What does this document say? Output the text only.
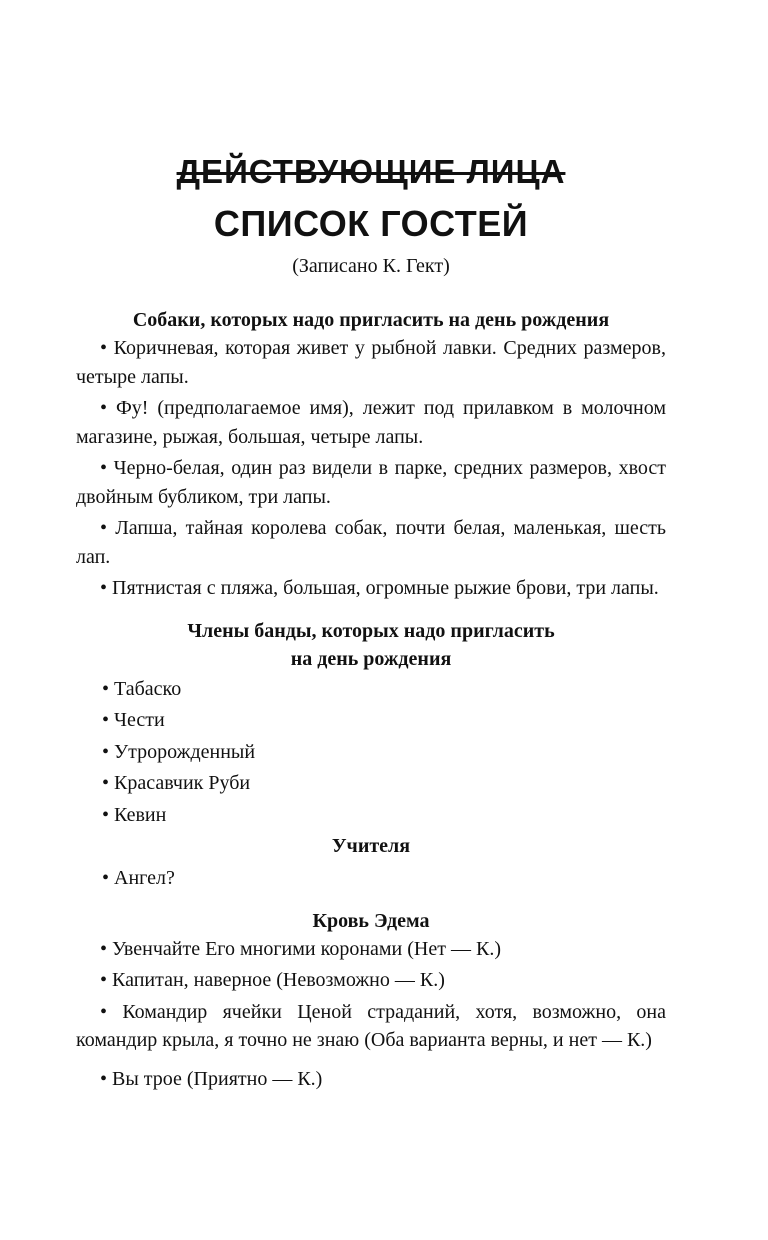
ДЕЙСТВУЮЩИЕ ЛИЦА
СПИСОК ГОСТЕЙ

(Записано К. Гект)

Собаки, которых надо пригласить на день рождения

• Коричневая, которая живет у рыбной лавки. Средних размеров, четыре лапы.

• Фу! (предполагаемое имя), лежит под прилавком в молочном магазине, рыжая, большая, четыре лапы.

• Черно-белая, один раз видели в парке, средних размеров, хвост двойным бубликом, три лапы.

• Лапша, тайная королева собак, почти белая, маленькая, шесть лап.

• Пятнистая с пляжа, большая, огромные рыжие брови, три лапы.

Члены банды, которых надо пригласить

на день рождения

• Табаско

• Чести

• Утророжденный

• Красавчик Руби

• Кевин

Учителя

• Ангел?

Кровь Эдема

• Увенчайте Его многими коронами (Нет — К.)

• Капитан, наверное (Невозможно — К.)

• Командир ячейки Ценой страданий, хотя, возможно, она командир крыла, я точно не знаю (Оба варианта верны, и нет — К.)

• Вы трое (Приятно — К.)
